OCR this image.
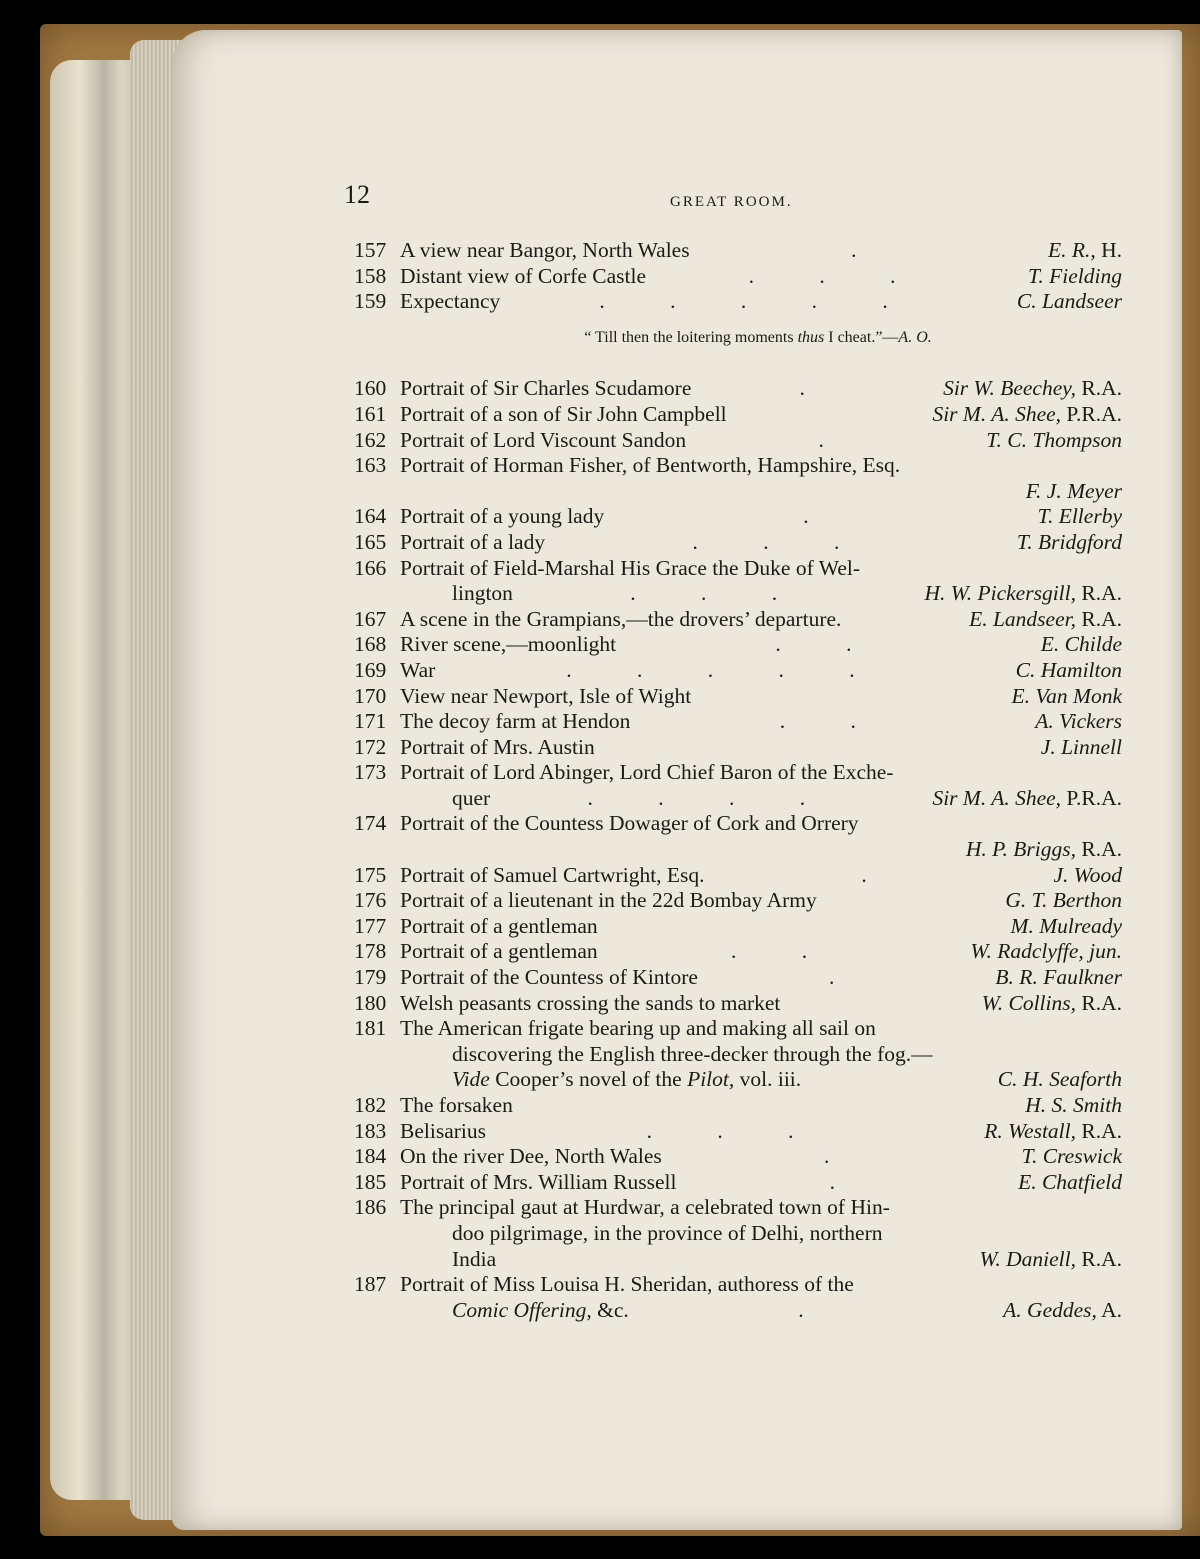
12	GREAT ROOM.
157 A view near Bangor, North Wales	.	E. R., H.
158 Distant view of Corfe Castle	. . .	T. Fielding
159 Expectancy	. . . . .	C. Landseer
“ Till then the loitering moments thus I cheat.”—A. O.
160 Portrait of Sir Charles Scudamore	.	Sir W. Beechey, R.A.
161 Portrait of a son of Sir John Campbell	Sir M. A. Shee, P.R.A.
162 Portrait of Lord Viscount Sandon	.	T. C. Thompson
163 Portrait of Horman Fisher, of Bentworth, Hampshire, Esq.
F. J. Meyer
164 Portrait of a young lady	.	T. Ellerby
165 Portrait of a lady	. . .	T. Bridgford
166 Portrait of Field-Marshal His Grace the Duke of Wel-
lington	. . .	H. W. Pickersgill, R.A.
167 A scene in the Grampians,—the drovers’ departure.	E. Landseer, R.A.
168 River scene,—moonlight	. .	E. Childe
169 War	. . . . .	C. Hamilton
170 View near Newport, Isle of Wight	E. Van Monk
171 The decoy farm at Hendon	. .	A. Vickers
172 Portrait of Mrs. Austin	J. Linnell
173 Portrait of Lord Abinger, Lord Chief Baron of the Exche-
quer	. . . .	Sir M. A. Shee, P.R.A.
174 Portrait of the Countess Dowager of Cork and Orrery
H. P. Briggs, R.A.
175 Portrait of Samuel Cartwright, Esq.	.	J. Wood
176 Portrait of a lieutenant in the 22d Bombay Army	G. T. Berthon
177 Portrait of a gentleman	M. Mulready
178 Portrait of a gentleman	. .	W. Radclyffe, jun.
179 Portrait of the Countess of Kintore	.	B. R. Faulkner
180 Welsh peasants crossing the sands to market	W. Collins, R.A.
181 The American frigate bearing up and making all sail on
discovering the English three-decker through the fog.—
Vide Cooper’s novel of the Pilot, vol. iii.	C. H. Seaforth
182 The forsaken	H. S. Smith
183 Belisarius	. . .	R. Westall, R.A.
184 On the river Dee, North Wales	.	T. Creswick
185 Portrait of Mrs. William Russell	.	E. Chatfield
186 The principal gaut at Hurdwar, a celebrated town of Hin-
doo pilgrimage, in the province of Delhi, northern
India	W. Daniell, R.A.
187 Portrait of Miss Louisa H. Sheridan, authoress of the
Comic Offering, &c.	.	A. Geddes, A.
